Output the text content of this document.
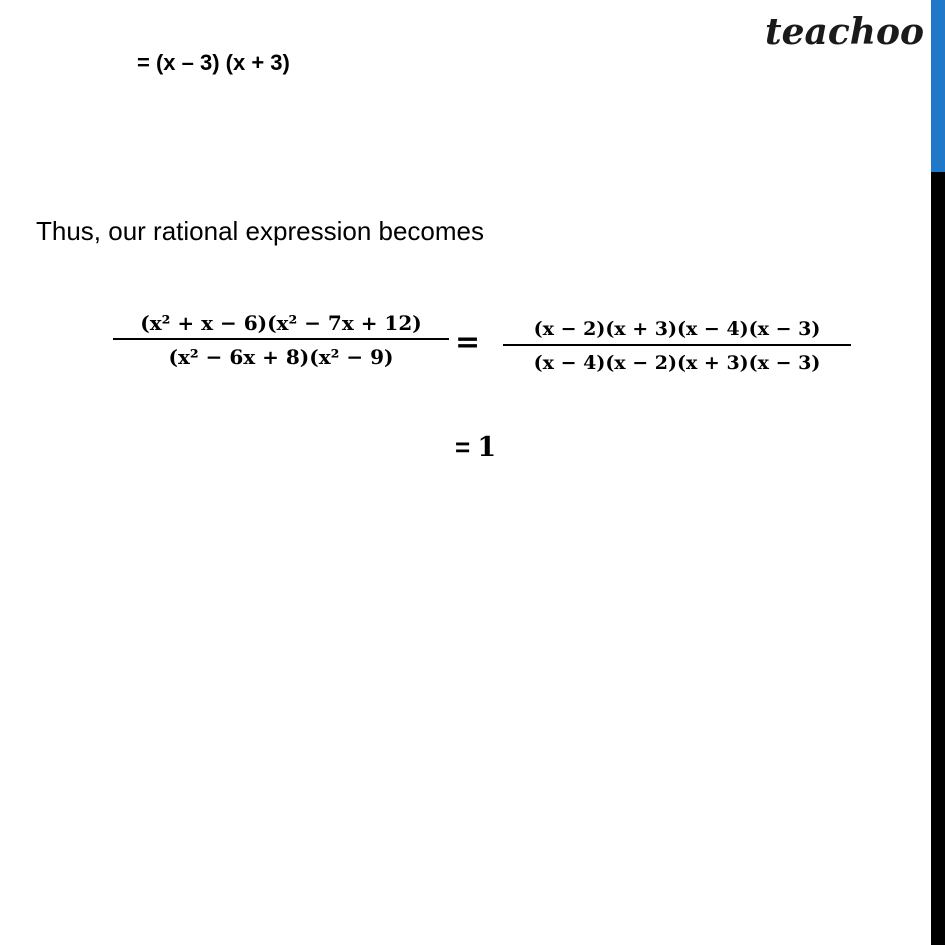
teachoo
= (x – 3) (x + 3)
Thus, our rational expression becomes
(x² + x − 6)(x² − 7x + 12)
(x² − 6x + 8)(x² − 9) =	(x − 2)(x + 3)(x − 4)(x − 3)
(x − 4)(x − 2)(x + 3)(x − 3)
= 1
